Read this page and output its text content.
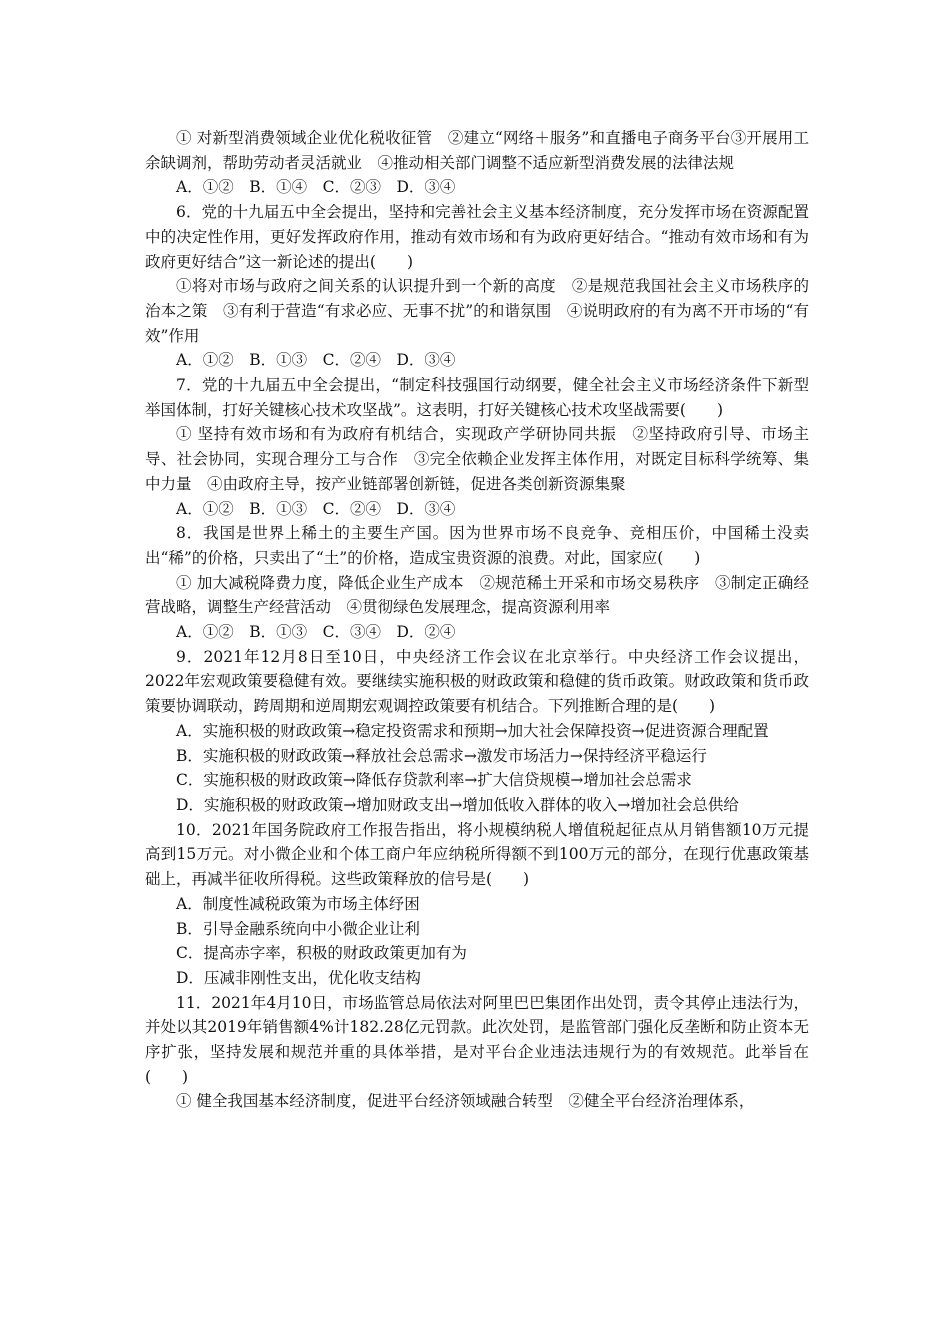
① 对新型消费领域企业优化税收征管　②建立“网络＋服务”和直播电子商务平台③开展用工余缺调剂，帮助劳动者灵活就业　④推动相关部门调整不适应新型消费发展的法律法规

A．①②　B．①④　C．②③　D．③④

6．党的十九届五中全会提出，坚持和完善社会主义基本经济制度，充分发挥市场在资源配置中的决定性作用，更好发挥政府作用，推动有效市场和有为政府更好结合。“推动有效市场和有为政府更好结合”这一新论述的提出(　　)

①将对市场与政府之间关系的认识提升到一个新的高度　②是规范我国社会主义市场秩序的治本之策　③有利于营造“有求必应、无事不扰”的和谐氛围　④说明政府的有为离不开市场的“有效”作用

A．①②　B．①③　C．②④　D．③④

7．党的十九届五中全会提出，“制定科技强国行动纲要，健全社会主义市场经济条件下新型举国体制，打好关键核心技术攻坚战”。这表明，打好关键核心技术攻坚战需要(　　)

① 坚持有效市场和有为政府有机结合，实现政产学研协同共振　②坚持政府引导、市场主导、社会协同，实现合理分工与合作　③完全依赖企业发挥主体作用，对既定目标科学统筹、集中力量　④由政府主导，按产业链部署创新链，促进各类创新资源集聚

A．①②　B．①③　C．②④　D．③④

8．我国是世界上稀土的主要生产国。因为世界市场不良竞争、竞相压价，中国稀土没卖出“稀”的价格，只卖出了“土”的价格，造成宝贵资源的浪费。对此，国家应(　　)

① 加大减税降费力度，降低企业生产成本　②规范稀土开采和市场交易秩序　③制定正确经营战略，调整生产经营活动　④贯彻绿色发展理念，提高资源利用率

A．①②　B．①③　C．③④　D．②④

9．2021年12月8日至10日，中央经济工作会议在北京举行。中央经济工作会议提出，2022年宏观政策要稳健有效。要继续实施积极的财政政策和稳健的货币政策。财政政策和货币政策要协调联动，跨周期和逆周期宏观调控政策要有机结合。下列推断合理的是(　　)

A．实施积极的财政政策→稳定投资需求和预期→加大社会保障投资→促进资源合理配置

B．实施积极的财政政策→释放社会总需求→激发市场活力→保持经济平稳运行

C．实施积极的财政政策→降低存贷款利率→扩大信贷规模→增加社会总需求

D．实施积极的财政政策→增加财政支出→增加低收入群体的收入→增加社会总供给

10．2021年国务院政府工作报告指出，将小规模纳税人增值税起征点从月销售额10万元提高到15万元。对小微企业和个体工商户年应纳税所得额不到100万元的部分，在现行优惠政策基础上，再减半征收所得税。这些政策释放的信号是(　　)

A．制度性减税政策为市场主体纾困

B．引导金融系统向中小微企业让利

C．提高赤字率，积极的财政政策更加有为

D．压减非刚性支出，优化收支结构

11．2021年4月10日，市场监管总局依法对阿里巴巴集团作出处罚，责令其停止违法行为，并处以其2019年销售额4%计182.28亿元罚款。此次处罚，是监管部门强化反垄断和防止资本无序扩张，坚持发展和规范并重的具体举措，是对平台企业违法违规行为的有效规范。此举旨在(　　)

① 健全我国基本经济制度，促进平台经济领域融合转型　②健全平台经济治理体系，
